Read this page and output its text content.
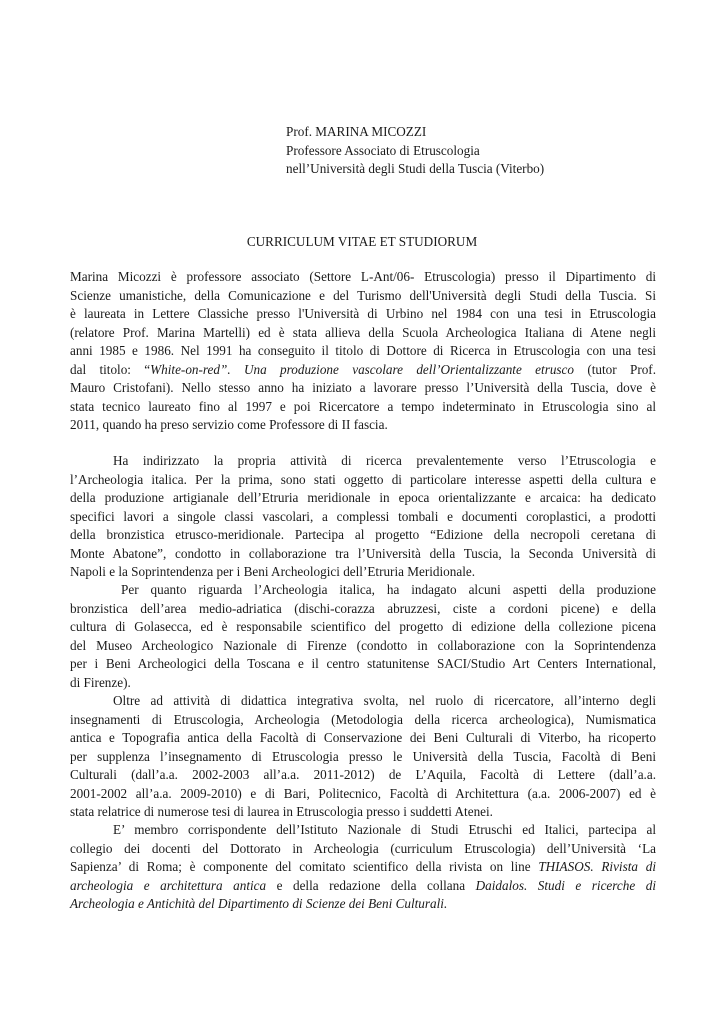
Prof. MARINA MICOZZI
Professore Associato di Etruscologia
nell’Università degli Studi della Tuscia (Viterbo)
CURRICULUM VITAE ET STUDIORUM
Marina Micozzi è professore associato (Settore L-Ant/06- Etruscologia) presso il Dipartimento di
Scienze umanistiche, della Comunicazione e del Turismo dell'Università degli Studi della Tuscia. Si
è laureata in Lettere Classiche presso l'Università di Urbino nel 1984 con una tesi in Etruscologia
(relatore Prof. Marina Martelli) ed è stata allieva della Scuola Archeologica Italiana di Atene negli
anni 1985 e 1986. Nel 1991 ha conseguito il titolo di Dottore di Ricerca in Etruscologia con una tesi
dal titolo: “White-on-red”. Una produzione vascolare dell’Orientalizzante etrusco (tutor Prof.
Mauro Cristofani). Nello stesso anno ha iniziato a lavorare presso l’Università della Tuscia, dove è
stata tecnico laureato fino al 1997 e poi Ricercatore a tempo indeterminato in Etruscologia sino al
2011, quando ha preso servizio come Professore di II fascia.
Ha indirizzato la propria attività di ricerca prevalentemente verso l’Etruscologia e
l’Archeologia italica. Per la prima, sono stati oggetto di particolare interesse aspetti della cultura e
della produzione artigianale dell’Etruria meridionale in epoca orientalizzante e arcaica: ha dedicato
specifici lavori a singole classi vascolari, a complessi tombali e documenti coroplastici, a prodotti
della bronzistica etrusco-meridionale. Partecipa al progetto “Edizione della necropoli ceretana di
Monte Abatone”, condotto in collaborazione tra l’Università della Tuscia, la Seconda Università di
Napoli e la Soprintendenza per i Beni Archeologici dell’Etruria Meridionale.
Per quanto riguarda l’Archeologia italica, ha indagato alcuni aspetti della produzione
bronzistica dell’area medio-adriatica (dischi-corazza abruzzesi, ciste a cordoni picene) e della
cultura di Golasecca, ed è responsabile scientifico del progetto di edizione della collezione picena
del Museo Archeologico Nazionale di Firenze (condotto in collaborazione con la Soprintendenza
per i Beni Archeologici della Toscana e il centro statunitense SACI/Studio Art Centers International,
di Firenze).
Oltre ad attività di didattica integrativa svolta, nel ruolo di ricercatore, all’interno degli
insegnamenti di Etruscologia, Archeologia (Metodologia della ricerca archeologica), Numismatica
antica e Topografia antica della Facoltà di Conservazione dei Beni Culturali di Viterbo, ha ricoperto
per supplenza l’insegnamento di Etruscologia presso le Università della Tuscia, Facoltà di Beni
Culturali (dall’a.a. 2002-2003 all’a.a. 2011-2012) de L’Aquila, Facoltà di Lettere (dall’a.a.
2001-2002 all’a.a. 2009-2010) e di Bari, Politecnico, Facoltà di Architettura (a.a. 2006-2007) ed è
stata relatrice di numerose tesi di laurea in Etruscologia presso i suddetti Atenei.
E’ membro corrispondente dell’Istituto Nazionale di Studi Etruschi ed Italici, partecipa al
collegio dei docenti del Dottorato in Archeologia (curriculum Etruscologia) dell’Università ‘La
Sapienza’ di Roma; è componente del comitato scientifico della rivista on line THIASOS. Rivista di
archeologia e architettura antica e della redazione della collana Daidalos. Studi e ricerche di
Archeologia e Antichità del Dipartimento di Scienze dei Beni Culturali.
